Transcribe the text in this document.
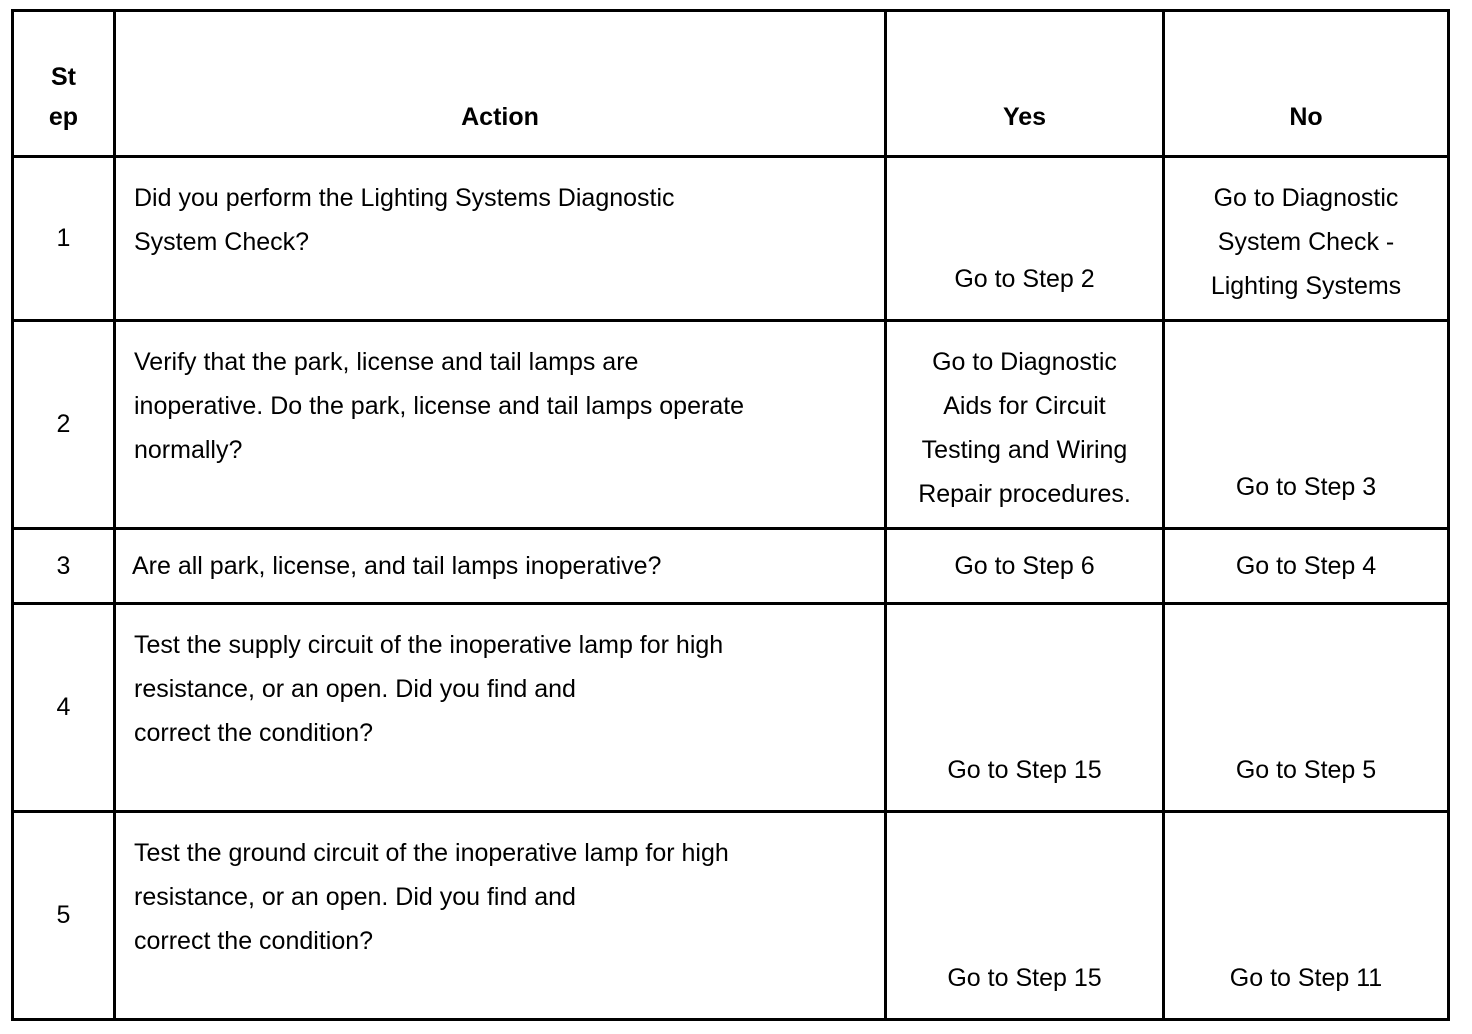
St
ep	Action	Yes	No
1	Did you perform the Lighting Systems Diagnostic
System Check?	Go to Step 2	Go to Diagnostic
System Check -
Lighting Systems

2	Verify that the park, license and tail lamps are
inoperative. Do the park, license and tail lamps operate
normally?	Go to Diagnostic
Aids for Circuit
Testing and Wiring
Repair procedures.	Go to Step 3

3	Are all park, license, and tail lamps inoperative?	Go to Step 6	Go to Step 4

4	Test the supply circuit of the inoperative lamp for high
resistance, or an open. Did you find and
correct the condition?	Go to Step 15	Go to Step 5

5	Test the ground circuit of the inoperative lamp for high
resistance, or an open. Did you find and
correct the condition?	Go to Step 15	Go to Step 11
